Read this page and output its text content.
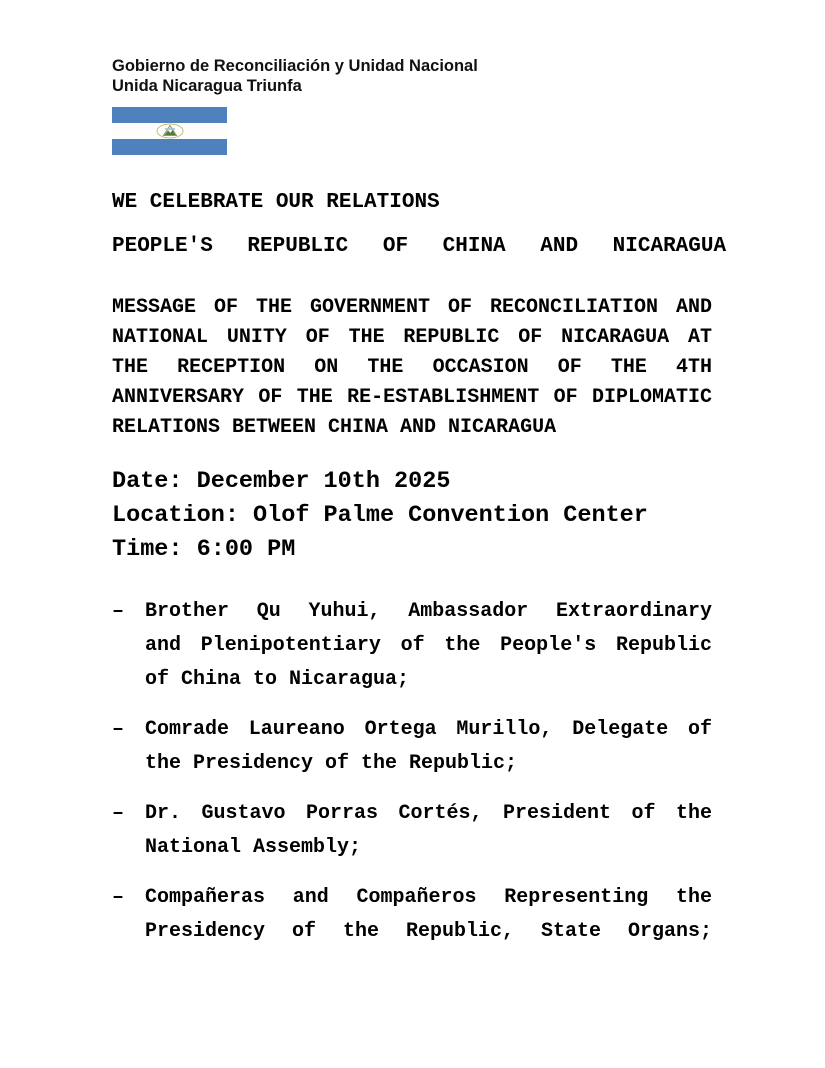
Gobierno de Reconciliación y Unidad Nacional
Unida Nicaragua Triunfa
WE CELEBRATE OUR RELATIONS
PEOPLE'S REPUBLIC OF CHINA AND NICARAGUA
MESSAGE OF THE GOVERNMENT OF RECONCILIATION AND
NATIONAL UNITY OF THE REPUBLIC OF NICARAGUA AT
THE RECEPTION ON THE OCCASION OF THE 4TH
ANNIVERSARY OF THE RE-ESTABLISHMENT OF DIPLOMATIC
RELATIONS BETWEEN CHINA AND NICARAGUA
Date: December 10th 2025
Location: Olof Palme Convention Center
Time: 6:00 PM
–	Brother Qu Yuhui, Ambassador Extraordinary
and Plenipotentiary of the People's Republic
of China to Nicaragua;
–	Comrade Laureano Ortega Murillo, Delegate of
the Presidency of the Republic;
–	Dr. Gustavo Porras Cortés, President of the
National Assembly;
–	Compañeras and Compañeros Representing the
Presidency of the Republic, State Organs;
